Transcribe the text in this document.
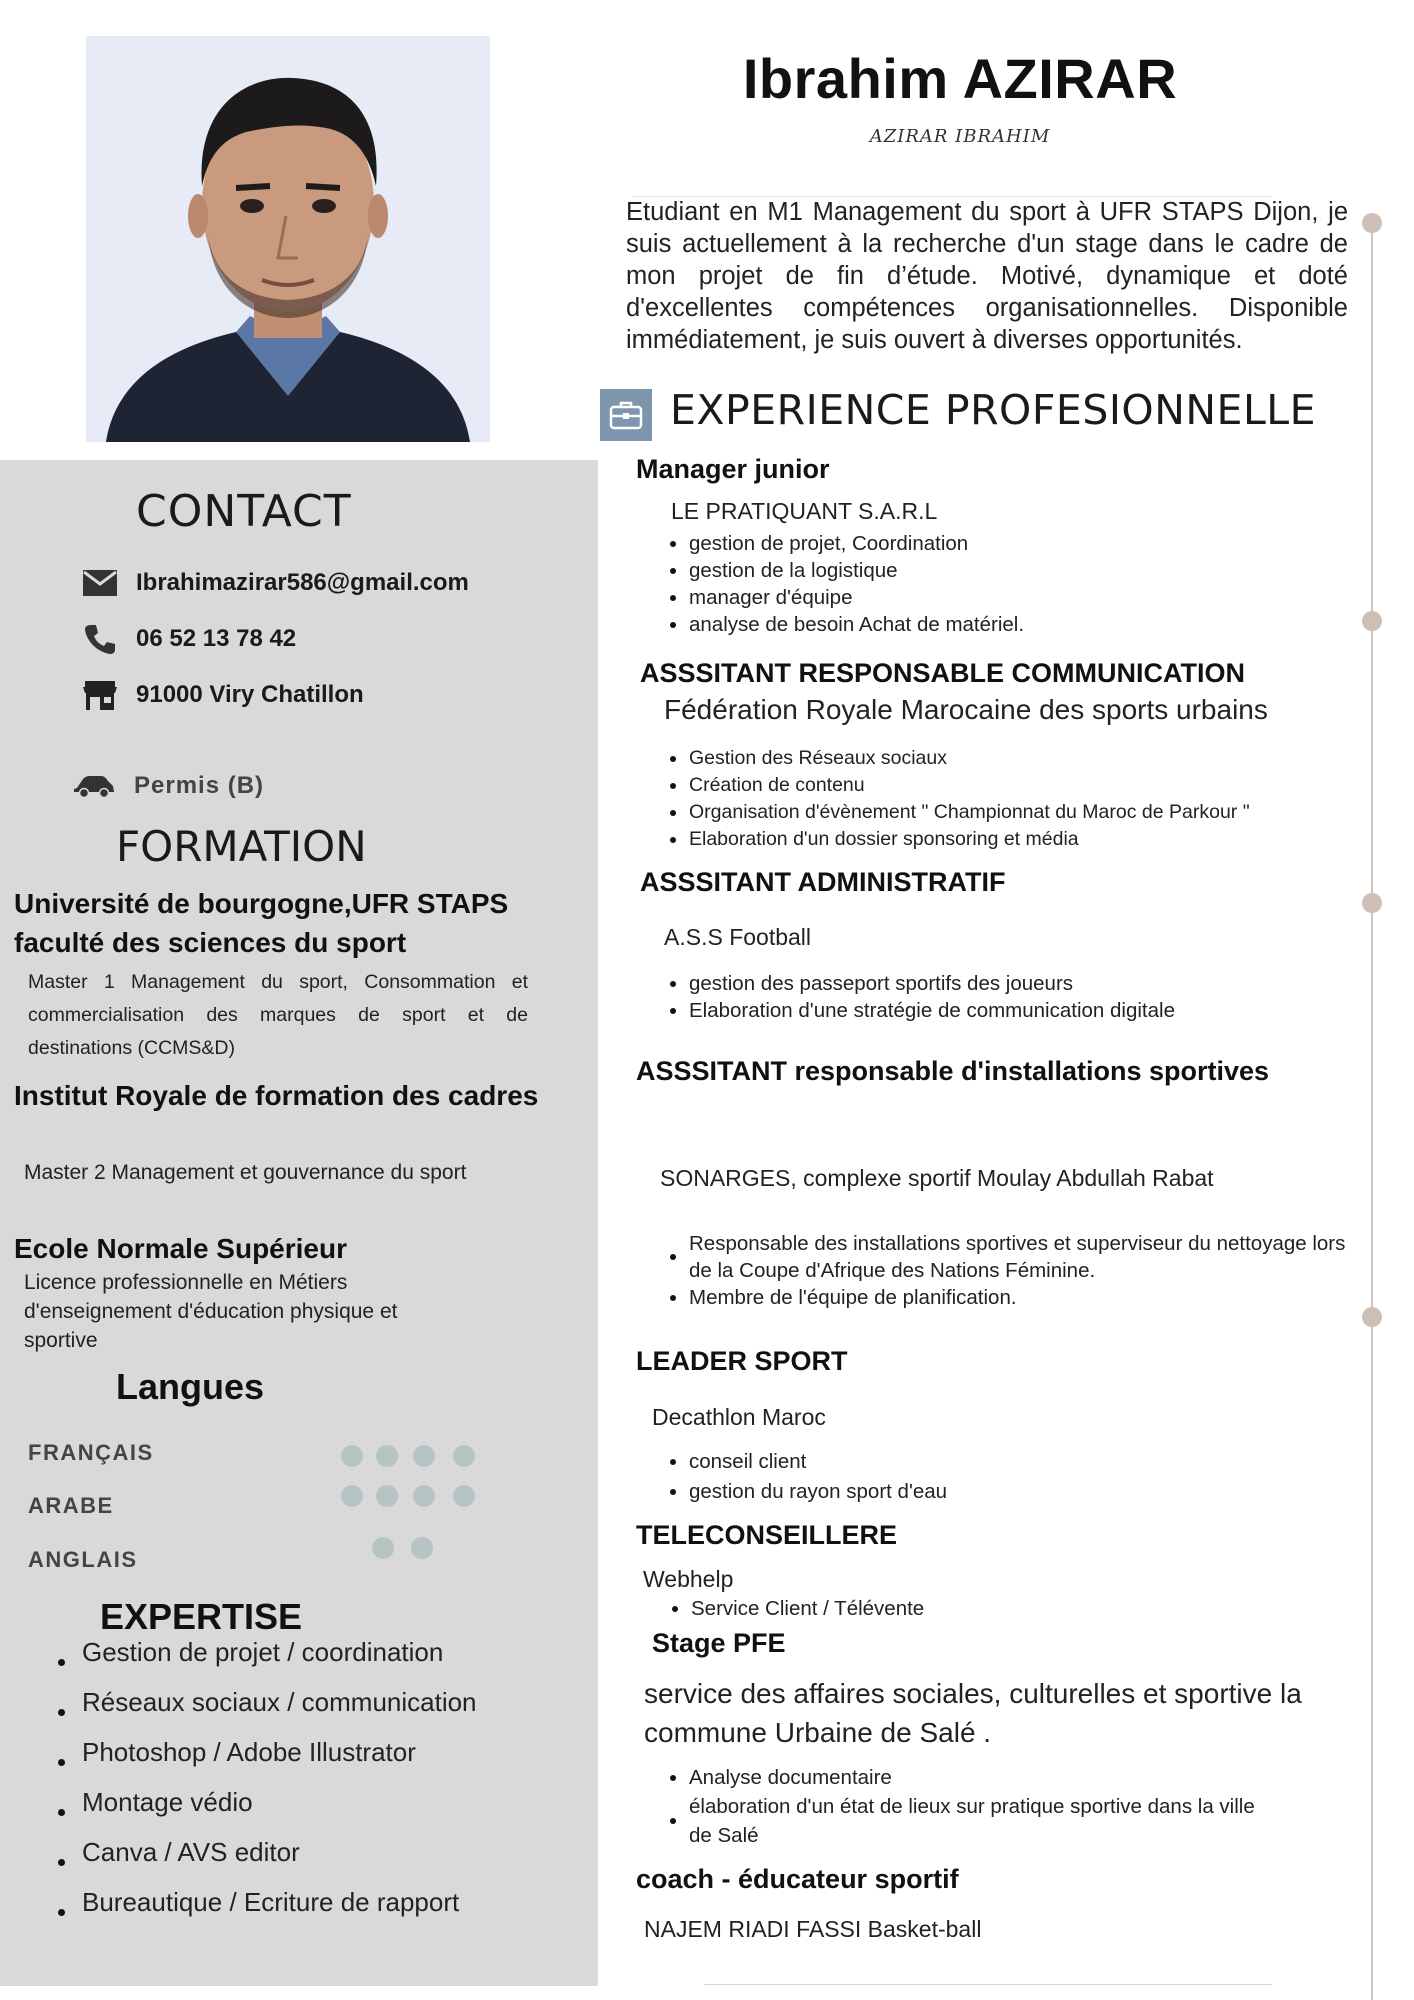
CONTACT
Ibrahimazirar586@gmail.com
06 52 13 78 42
91000 Viry Chatillon
Permis (B)
FORMATION
Université de bourgogne,UFR STAPS faculté des sciences du sport
Master 1 Management du sport, Consommation et commercialisation des marques de sport et de destinations (CCMS&D)
Institut Royale de formation des cadres
Master 2 Management et gouvernance du sport
Ecole Normale Supérieur
Licence professionnelle en Métiers d'enseignement d'éducation physique et sportive
Langues
FRANÇAIS
ARABE
ANGLAIS
EXPERTISE
Gestion de projet / coordination
Réseaux sociaux / communication
Photoshop / Adobe Illustrator
Montage védio
Canva / AVS editor
Bureautique / Ecriture de rapport
Ibrahim AZIRAR
AZIRAR IBRAHIM
Etudiant en M1 Management du sport à UFR STAPS Dijon, je suis actuellement à la recherche d'un stage dans le cadre de mon projet de fin d’étude. Motivé, dynamique et doté d'excellentes compétences organisationnelles. Disponible immédiatement, je suis ouvert à diverses opportunités.
EXPERIENCE PROFESIONNELLE
Manager junior
LE PRATIQUANT S.A.R.L
gestion de projet, Coordination
gestion de la logistique
manager d'équipe
analyse de besoin Achat de matériel.
ASSSITANT RESPONSABLE COMMUNICATION
Fédération Royale Marocaine des sports urbains
Gestion des Réseaux sociaux
Création de contenu
Organisation d'évènement " Championnat du Maroc de Parkour "
Elaboration d'un dossier sponsoring et média
ASSSITANT ADMINISTRATIF
A.S.S Football
gestion des passeport sportifs des joueurs
Elaboration d'une stratégie de communication digitale
ASSSITANT responsable d'installations sportives
SONARGES, complexe sportif Moulay Abdullah Rabat
Responsable des installations sportives et superviseur du nettoyage lors de la Coupe d'Afrique des Nations Féminine.
Membre de l'équipe de planification.
LEADER SPORT
Decathlon Maroc
conseil client
gestion du rayon sport d'eau
TELECONSEILLERE
Webhelp
Service Client / Télévente
Stage PFE
service des affaires sociales, culturelles et sportive la commune Urbaine de Salé .
Analyse documentaire
élaboration d'un état de lieux sur pratique sportive dans la ville de Salé
coach - éducateur sportif
NAJEM RIADI FASSI Basket-ball
